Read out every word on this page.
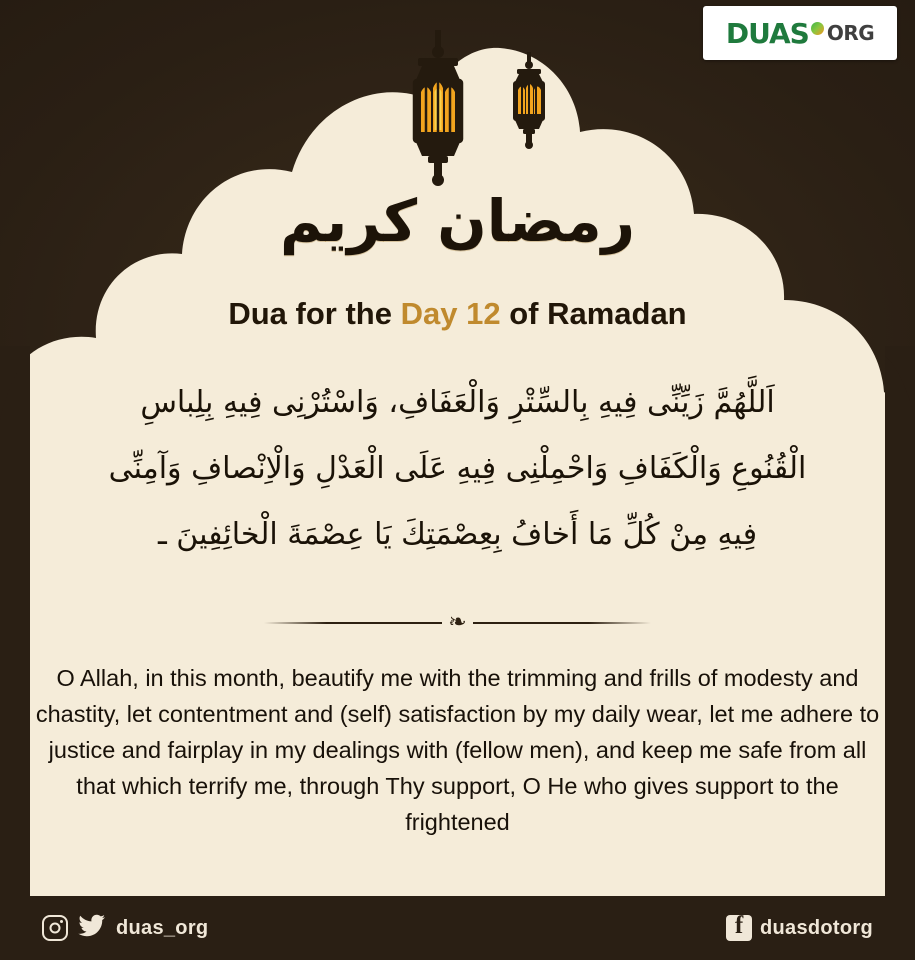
DUAS ORG
رمضان كريم
Dua for the Day 12 of Ramadan
اَللَّهُمَّ زَيِّنِّى فِيهِ بِالسِّتْرِ وَالْعَفَافِ، وَاسْتُرْنِى فِيهِ بِلِباسِ
الْقُنُوعِ وَالْكَفَافِ وَاحْمِلْنِى فِيهِ عَلَى الْعَدْلِ وَالْاِنْصافِ وَآمِنِّى
فِيهِ مِنْ كُلِّ مَا أَخافُ بِعِصْمَتِكَ يَا عِصْمَةَ الْخائِفِينَ ـ
❧
O Allah, in this month, beautify me with the trimming and frills of modesty and chastity, let contentment and (self) satisfaction by my daily wear, let me adhere to justice and fairplay in my dealings with (fellow men), and keep me safe from all that which terrify me, through Thy support, O He who gives support to the frightened
duas_org f	duasdotorg
